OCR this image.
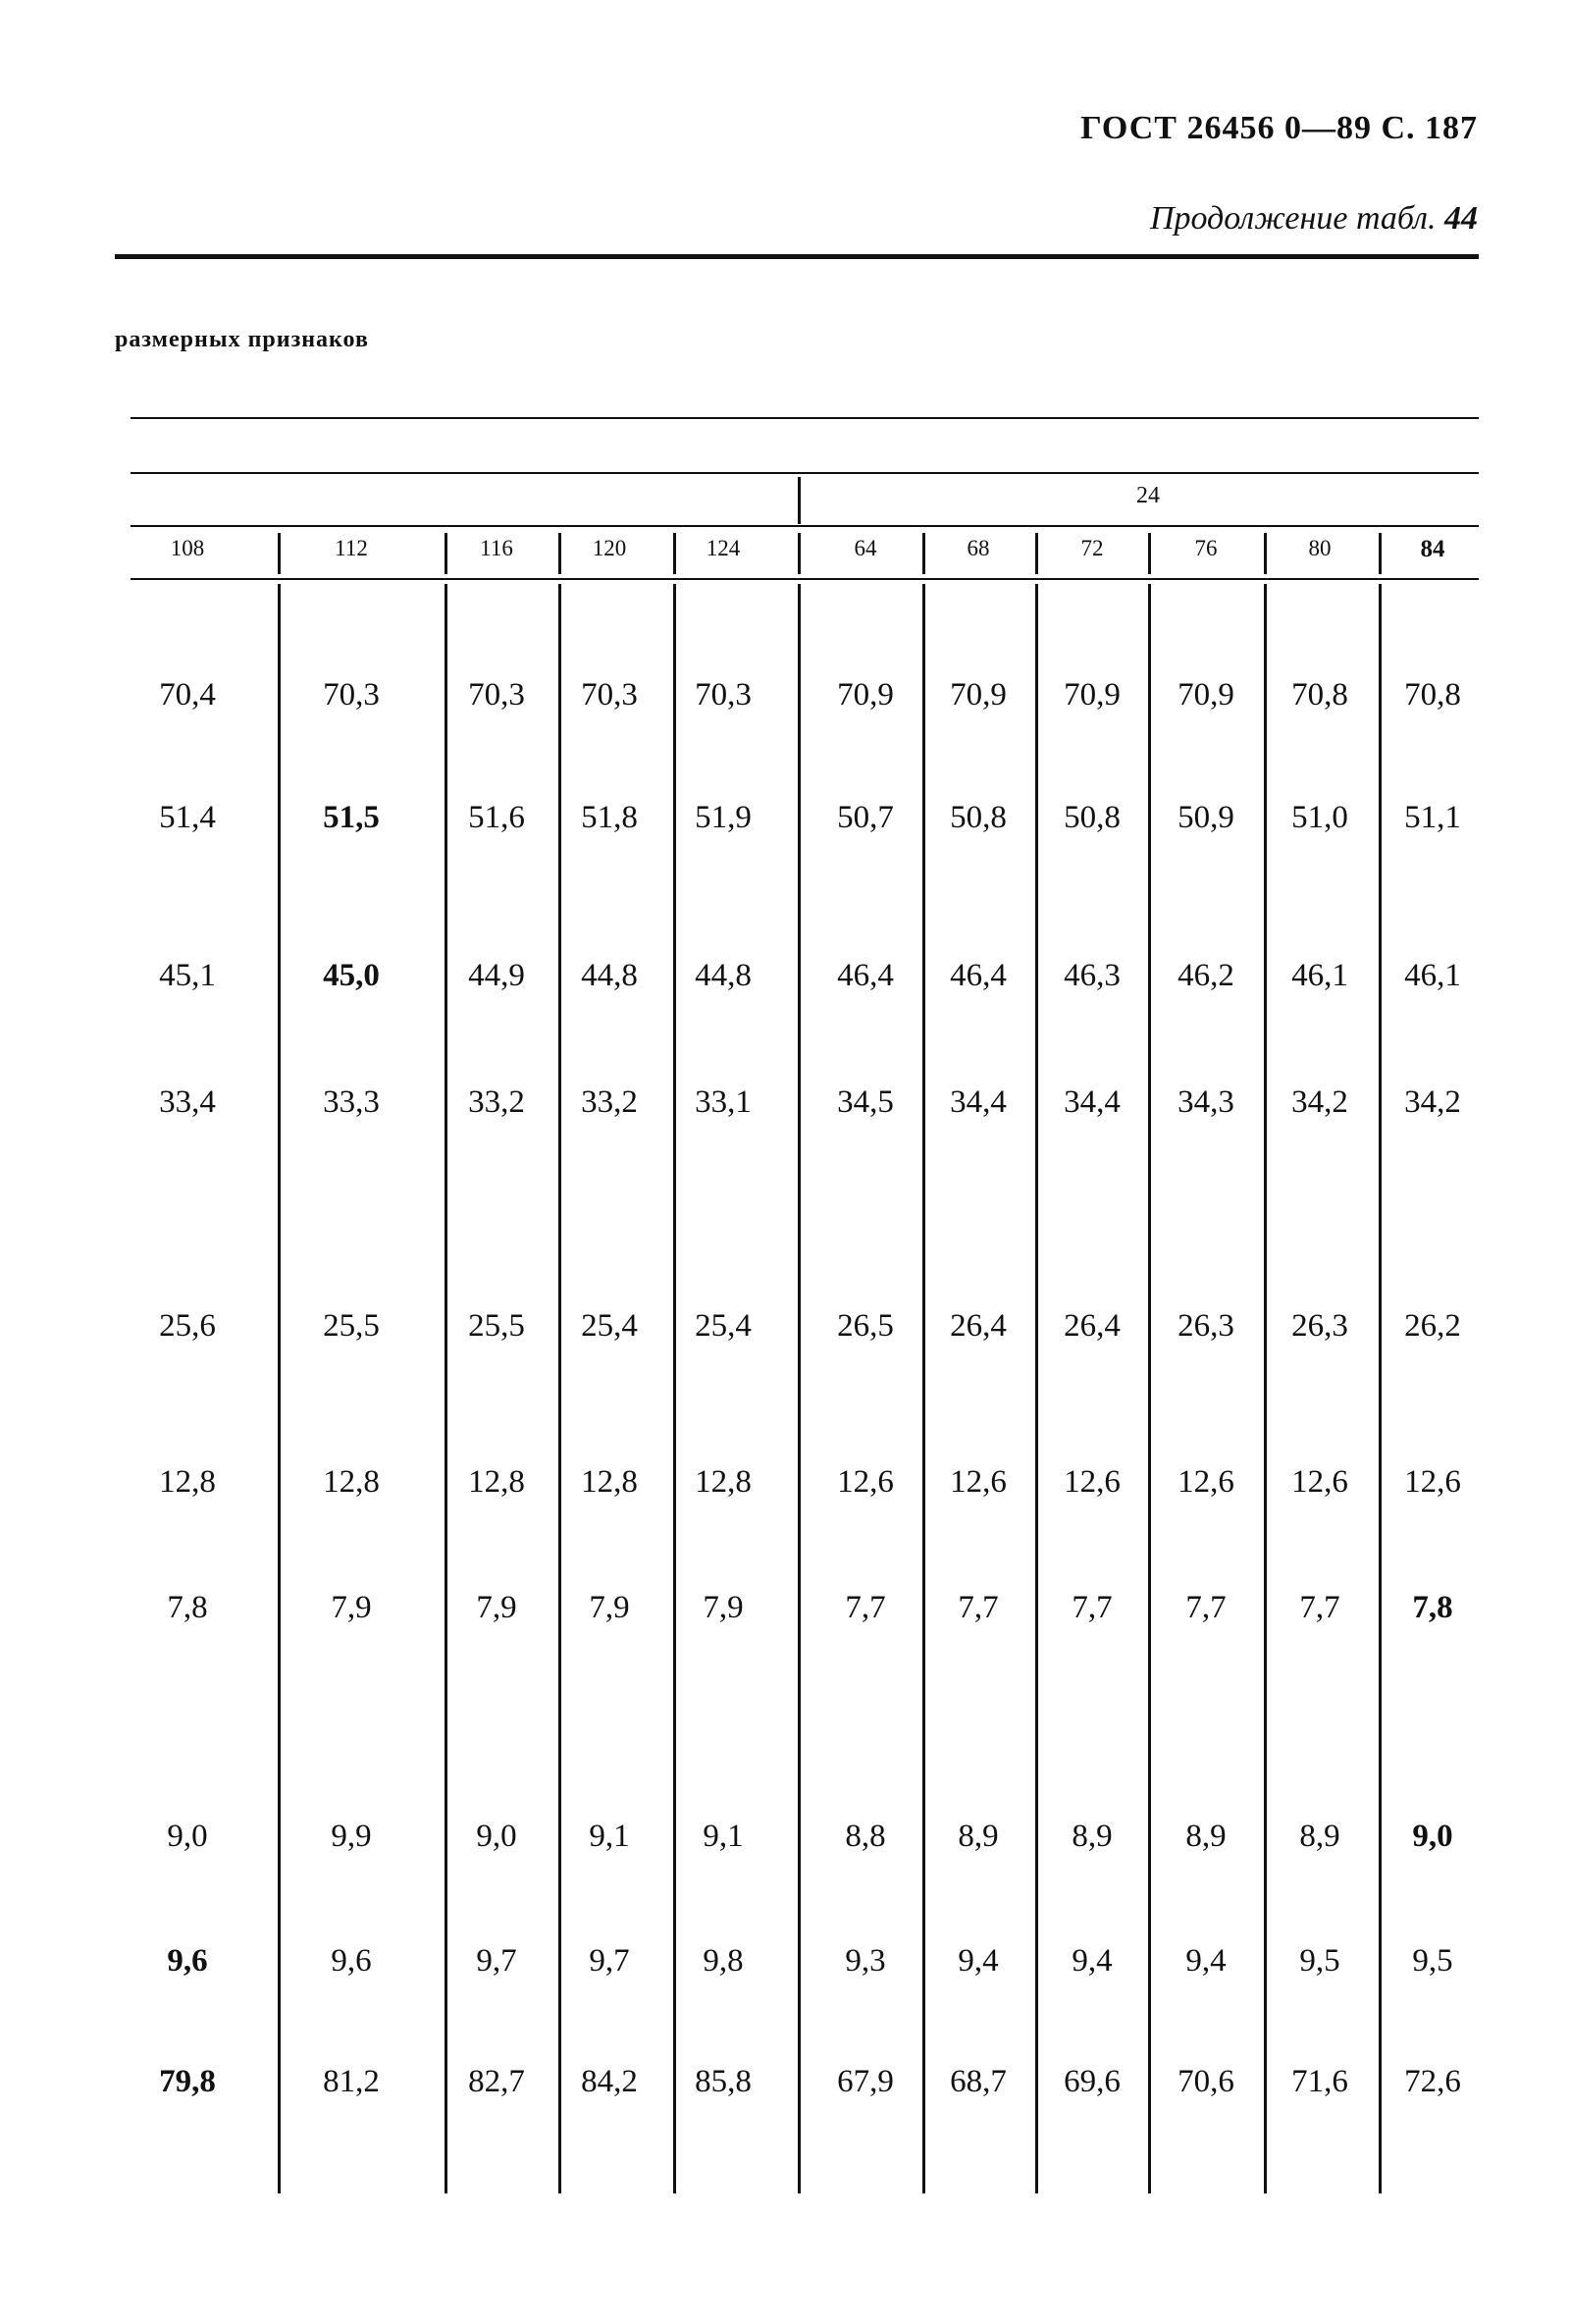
ГОСТ 26456 0—89 С. 187
Продолжение табл. 44
размерных признаков
24
108	112	116	120	124	64	68	72	76	80	84
70,4	70,3	70,3	70,3	70,3	70,9	70,9	70,9	70,9	70,8	70,8
51,4	51,5	51,6	51,8	51,9	50,7	50,8	50,8	50,9	51,0	51,1
45,1	45,0	44,9	44,8	44,8	46,4	46,4	46,3	46,2	46,1	46,1
33,4	33,3	33,2	33,2	33,1	34,5	34,4	34,4	34,3	34,2	34,2
25,6	25,5	25,5	25,4	25,4	26,5	26,4	26,4	26,3	26,3	26,2
12,8	12,8	12,8	12,8	12,8	12,6	12,6	12,6	12,6	12,6	12,6
7,8	7,9	7,9	7,9	7,9	7,7	7,7	7,7	7,7	7,7	7,8
9,0	9,9	9,0	9,1	9,1	8,8	8,9	8,9	8,9	8,9	9,0
9,6	9,6	9,7	9,7	9,8	9,3	9,4	9,4	9,4	9,5	9,5
79,8	81,2	82,7	84,2	85,8	67,9	68,7	69,6	70,6	71,6	72,6
